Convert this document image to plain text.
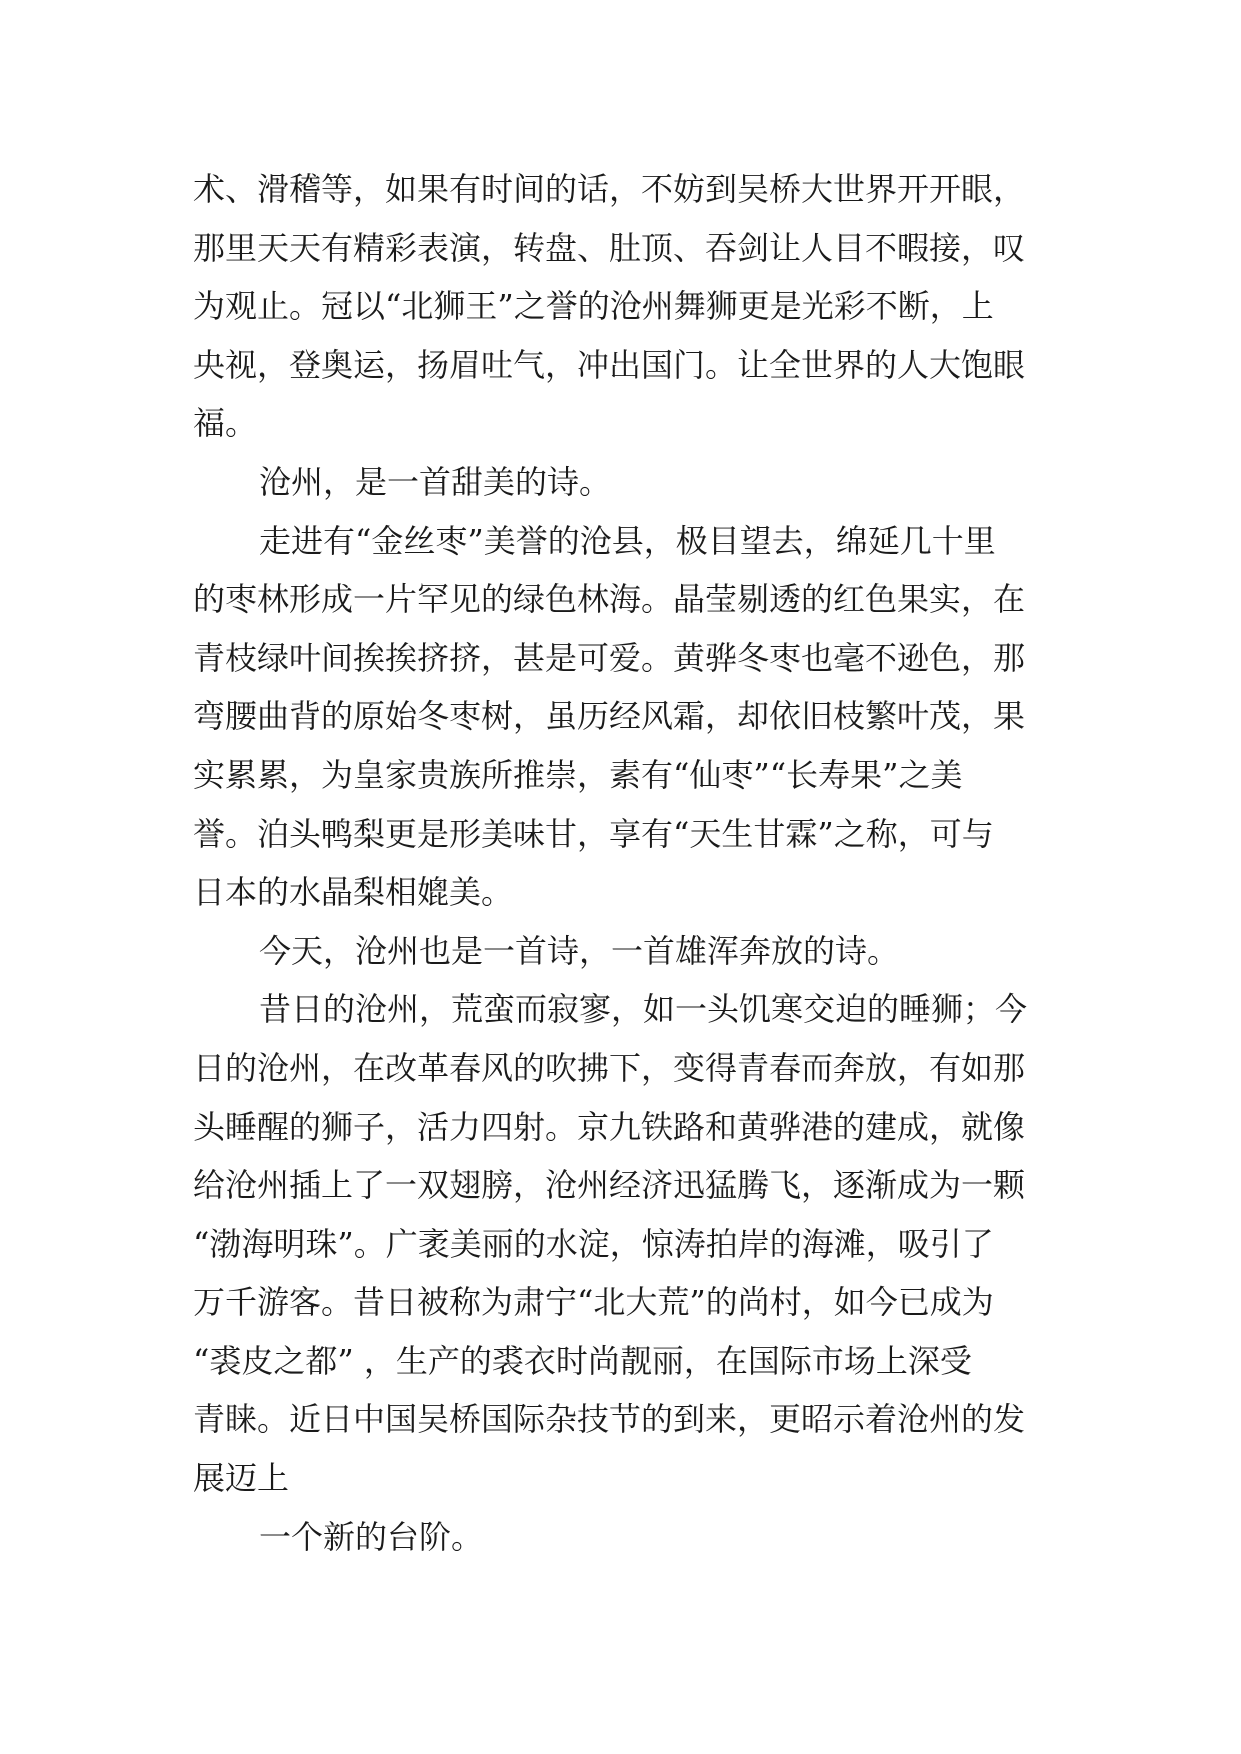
术、滑稽等，如果有时间的话，不妨到吴桥大世界开开眼，
那里天天有精彩表演，转盘、肚顶、吞剑让人目不暇接，叹
为观止。冠以“北狮王”之誉的沧州舞狮更是光彩不断，上
央视，登奥运，扬眉吐气，冲出国门。让全世界的人大饱眼
福。
沧州，是一首甜美的诗。
走进有“金丝枣”美誉的沧县，极目望去，绵延几十里
的枣林形成一片罕见的绿色林海。晶莹剔透的红色果实，在
青枝绿叶间挨挨挤挤，甚是可爱。黄骅冬枣也毫不逊色，那
弯腰曲背的原始冬枣树，虽历经风霜，却依旧枝繁叶茂，果
实累累，为皇家贵族所推崇，素有“仙枣”“长寿果”之美
誉。泊头鸭梨更是形美味甘，享有“天生甘霖”之称，可与
日本的水晶梨相媲美。
今天，沧州也是一首诗，一首雄浑奔放的诗。
昔日的沧州，荒蛮而寂寥，如一头饥寒交迫的睡狮；今
日的沧州，在改革春风的吹拂下，变得青春而奔放，有如那
头睡醒的狮子，活力四射。京九铁路和黄骅港的建成，就像
给沧州插上了一双翅膀，沧州经济迅猛腾飞，逐渐成为一颗
“渤海明珠”。广袤美丽的水淀，惊涛拍岸的海滩，吸引了
万千游客。昔日被称为肃宁“北大荒”的尚村，如今已成为
“裘皮之都” ，生产的裘衣时尚靓丽，在国际市场上深受
青睐。近日中国吴桥国际杂技节的到来，更昭示着沧州的发
展迈上
一个新的台阶。
